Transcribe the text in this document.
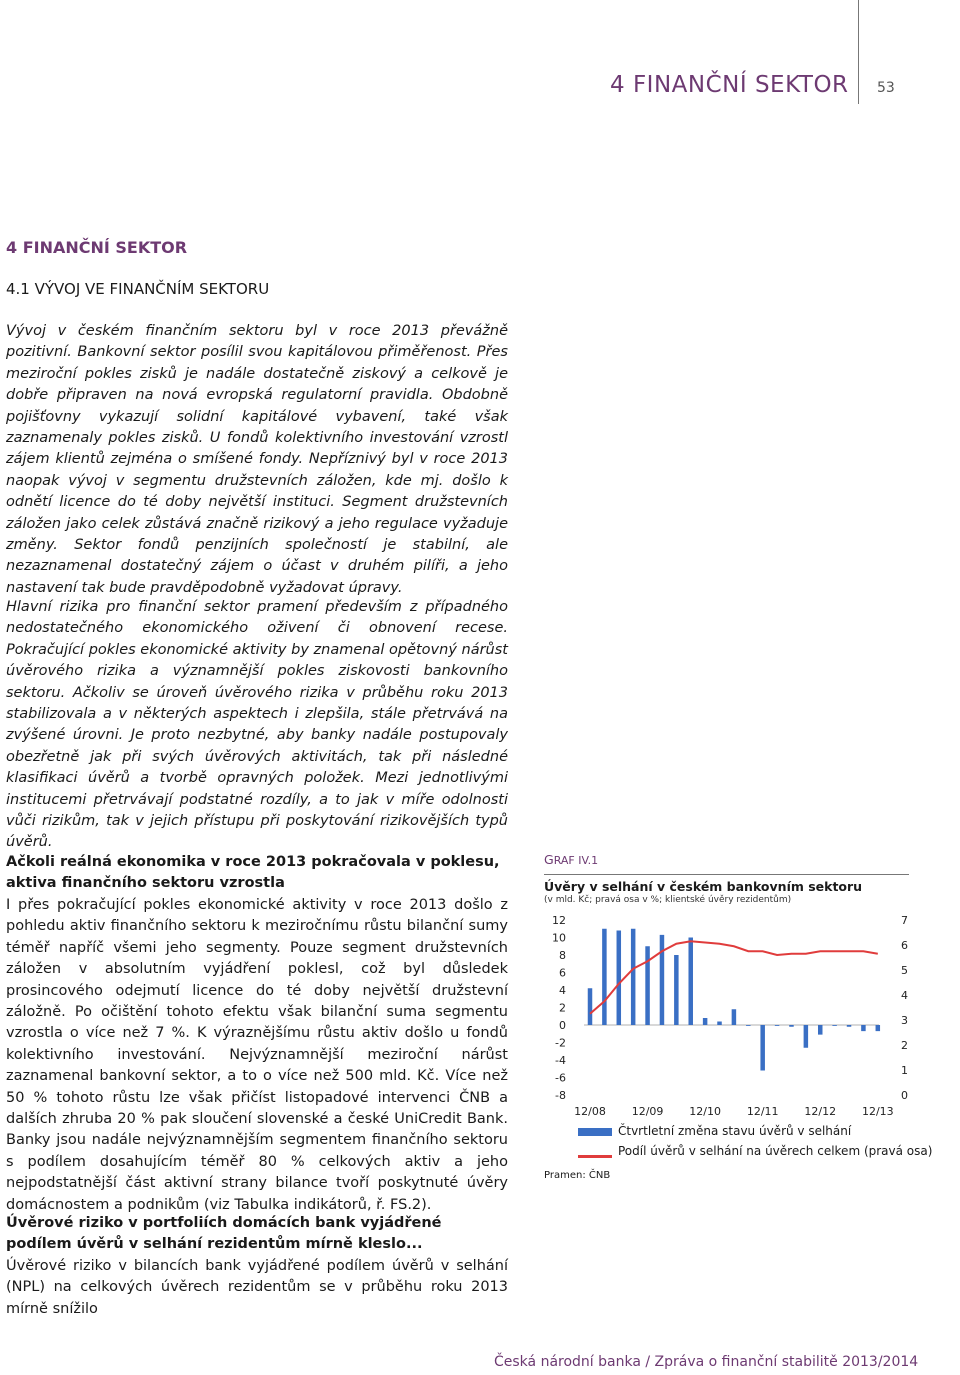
4 FINANČNÍ SEKTOR 53
4 FINANČNÍ SEKTOR
4.1 VÝVOJ VE FINANČNÍM SEKTORU

Vývoj v českém finančním sektoru byl v roce 2013 převážně pozitivní. Bankovní sektor posílil svou kapitálovou přiměřenost. Přes meziroční pokles zisků je nadále dostatečně ziskový a celkově je dobře připraven na nová evropská regulatorní pravidla. Obdobně pojišťovny vykazují solidní kapitálové vybavení, také však zaznamenaly pokles zisků. U fondů kolektivního investování vzrostl zájem klientů zejména o smíšené fondy. Nepříznivý byl v roce 2013 naopak vývoj v segmentu družstevních záložen, kde mj. došlo k odnětí licence do té doby největší instituci. Segment družstevních záložen jako celek zůstává značně rizikový a jeho regulace vyžaduje změny. Sektor fondů penzijních společností je stabilní, ale nezaznamenal dostatečný zájem o účast v druhém pilíři, a jeho nastavení tak bude pravděpodobně vyžadovat úpravy.

Hlavní rizika pro finanční sektor pramení především z případného nedostatečného ekonomického oživení či obnovení recese. Pokračující pokles ekonomické aktivity by znamenal opětovný nárůst úvěrového rizika a významnější pokles ziskovosti bankovního sektoru. Ačkoliv se úroveň úvěrového rizika v průběhu roku 2013 stabilizovala a v některých aspektech i zlepšila, stále přetrvává na zvýšené úrovni. Je proto nezbytné, aby banky nadále postupovaly obezřetně jak při svých úvěrových aktivitách, tak při následné klasifikaci úvěrů a tvorbě opravných položek. Mezi jednotlivými institucemi přetrvávají podstatné rozdíly, a to jak v míře odolnosti vůči rizikům, tak v jejich přístupu při poskytování rizikovějších typů úvěrů.

Ačkoli reálná ekonomika v roce 2013 pokračovala v poklesu, aktiva finančního sektoru vzrostla

I přes pokračující pokles ekonomické aktivity v roce 2013 došlo z pohledu aktiv finančního sektoru k meziročnímu růstu bilanční sumy téměř napříč všemi jeho segmenty. Pouze segment družstevních záložen v absolutním vyjádření poklesl, což byl důsledek prosincového odejmutí licence do té doby největší družstevní záložně. Po očištění tohoto efektu však bilanční suma segmentu vzrostla o více než 7 %. K výraznějšímu růstu aktiv došlo u fondů kolektivního investování. Nejvýznamnější meziroční nárůst zaznamenal bankovní sektor, a to o více než 500 mld. Kč. Více než 50 % tohoto růstu lze však přičíst listopadové intervenci ČNB a dalších zhruba 20 % pak sloučení slovenské a české UniCredit Bank. Banky jsou nadále nejvýznamnějším segmentem finančního sektoru s podílem dosahujícím téměř 80 % celkových aktiv a jeho nejpodstatnější část aktivní strany bilance tvoří poskytnuté úvěry domácnostem a podnikům (viz Tabulka indikátorů, ř. FS.2).

Úvěrové riziko v portfoliích domácích bank vyjádřené podílem úvěrů v selhání rezidentům mírně kleslo...

Úvěrové riziko v bilancích bank vyjádřené podílem úvěrů v selhání (NPL) na celkových úvěrech rezidentům se v průběhu roku 2013 mírně snížilo

GRAF IV.1
Úvěry v selhání v českém bankovním sektoru
(v mld. Kč; pravá osa v %; klientské úvěry rezidentům)
12
10
8
6
4
2
0
-2
-4
-6
-8
7
6
5
4
3
2
1
0
12/08 12/09 12/10 12/11 12/12 12/13
Čtvrtletní změna stavu úvěrů v selhání
Podíl úvěrů v selhání na úvěrech celkem (pravá osa)
Pramen: ČNB
Česká národní banka / Zpráva o finanční stabilitě 2013/2014
